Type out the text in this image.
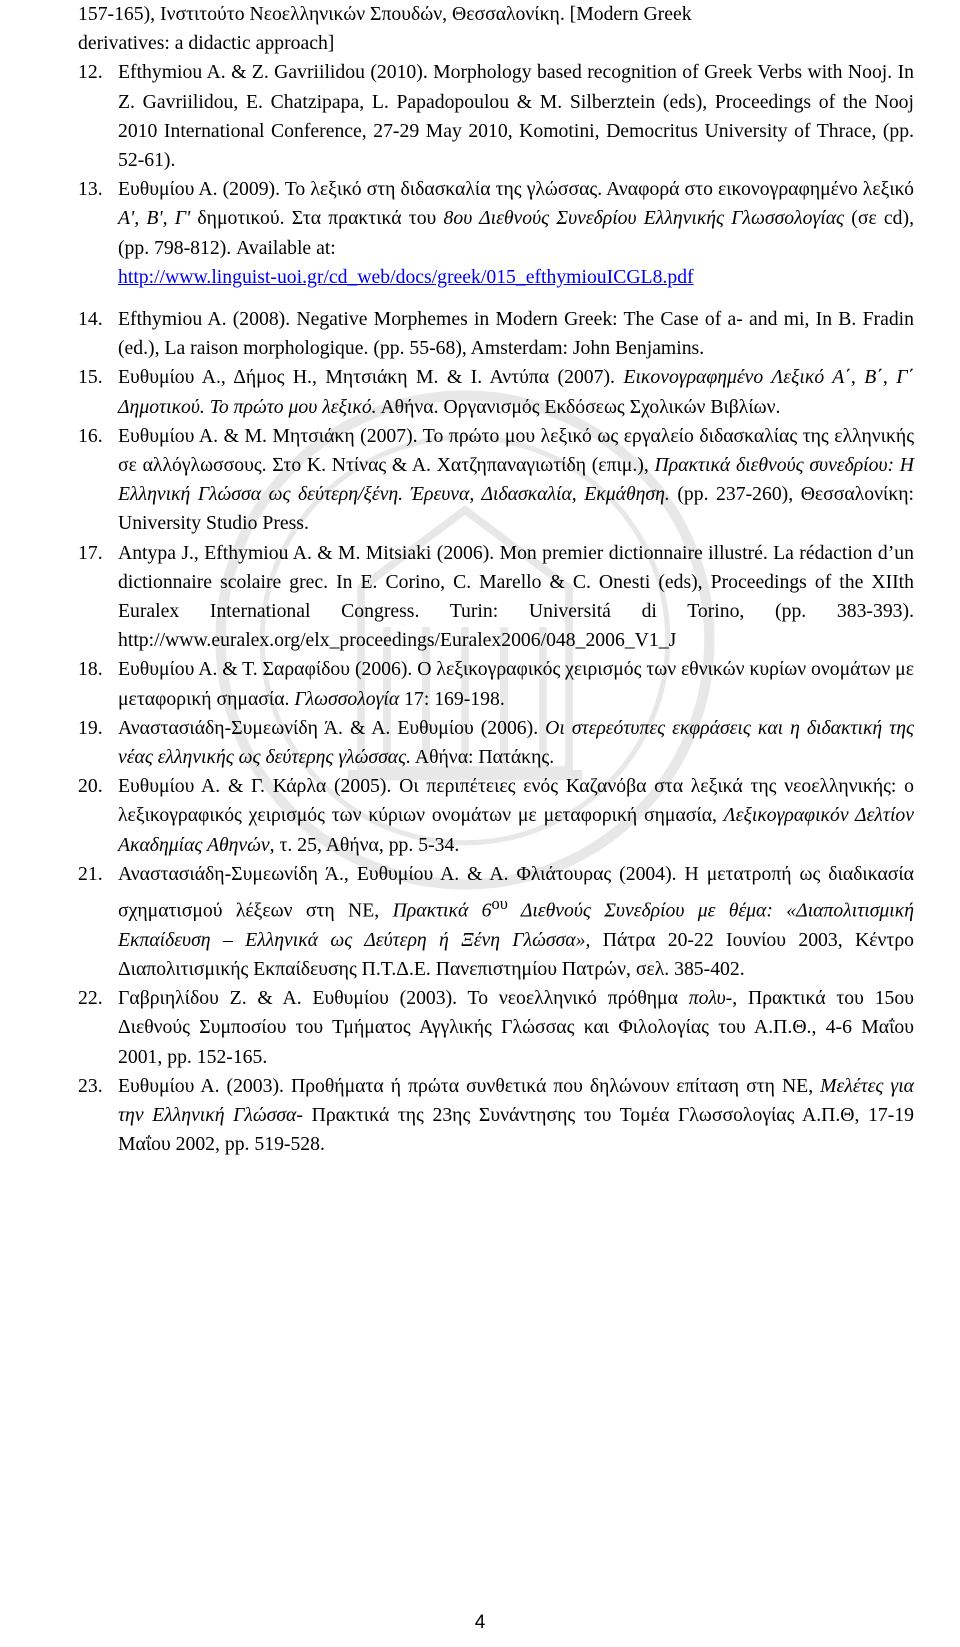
157-165), Ινστιτούτο Νεοελληνικών Σπουδών, Θεσσαλονίκη. [Modern Greek
derivatives: a didactic approach]

12. Efthymiou A. & Z. Gavriilidou (2010). Morphology based recognition of Greek Verbs with Nooj. In Z. Gavriilidou, E. Chatzipapa, L. Papadopoulou & M. Silberztein (eds), Proceedings of the Nooj 2010 International Conference, 27-29 May 2010, Komotini, Democritus University of Thrace, (pp. 52-61).
13. Ευθυμίου Α. (2009). Το λεξικό στη διδασκαλία της γλώσσας. Αναφορά στο εικονογραφημένο λεξικό Α', Β', Γ' δημοτικού. Στα πρακτικά του 8ου Διεθνούς Συνεδρίου Ελληνικής Γλωσσολογίας (σε cd), (pp. 798-812). Available at:
http://www.linguist-uoi.gr/cd_web/docs/greek/015_efthymiouICGL8.pdf
14. Efthymiou A. (2008). Negative Morphemes in Modern Greek: The Case of a- and mi, In B. Fradin (ed.), La raison morphologique. (pp. 55-68), Amsterdam: John Benjamins.
15. Ευθυμίου Α., Δήμος Η., Μητσιάκη Μ. & Ι. Αντύπα (2007). Εικονογραφημένο Λεξικό Α΄, Β΄, Γ΄ Δημοτικού. Το πρώτο μου λεξικό. Αθήνα. Οργανισμός Εκδόσεως Σχολικών Βιβλίων.
16. Ευθυμίου Α. & Μ. Μητσιάκη (2007). Το πρώτο μου λεξικό ως εργαλείο διδασκαλίας της ελληνικής σε αλλόγλωσσους. Στο Κ. Ντίνας & Α. Χατζηπαναγιωτίδη (επιμ.), Πρακτικά διεθνούς συνεδρίου: Η Ελληνική Γλώσσα ως δεύτερη/ξένη. Έρευνα, Διδασκαλία, Εκμάθηση. (pp. 237-260), Θεσσαλονίκη: University Studio Press.
17. Antypa J., Efthymiou A. & M. Mitsiaki (2006). Mon premier dictionnaire illustré. La rédaction d’un dictionnaire scolaire grec. In E. Corino, C. Marello & C. Onesti (eds), Proceedings of the XIIth Euralex International Congress. Turin: Universitá di Torino, (pp. 383-393). http://www.euralex.org/elx_proceedings/Euralex2006/048_2006_V1_J
18. Ευθυμίου Α. & Τ. Σαραφίδου (2006). Ο λεξικογραφικός χειρισμός των εθνικών κυρίων ονομάτων με μεταφορική σημασία. Γλωσσολογία 17: 169-198.
19. Αναστασιάδη-Συμεωνίδη Ά. & Α. Ευθυμίου (2006). Οι στερεότυπες εκφράσεις και η διδακτική της νέας ελληνικής ως δεύτερης γλώσσας. Αθήνα: Πατάκης.
20. Ευθυμίου Α. & Γ. Κάρλα (2005). Οι περιπέτειες ενός Καζανόβα στα λεξικά της νεοελληνικής: ο λεξικογραφικός χειρισμός των κύριων ονομάτων με μεταφορική σημασία, Λεξικογραφικόν Δελτίον Ακαδημίας Αθηνών, τ. 25, Αθήνα, pp. 5-34.
21. Αναστασιάδη-Συμεωνίδη Ά., Ευθυμίου Α. & Α. Φλιάτουρας (2004). Η μετατροπή ως διαδικασία σχηματισμού λέξεων στη ΝΕ, Πρακτικά $6^{o\upsilon}$ Διεθνούς Συνεδρίου με θέμα: «Διαπολιτισμική Εκπαίδευση – Ελληνικά ως Δεύτερη ή Ξένη Γλώσσα», Πάτρα 20-22 Ιουνίου 2003, Κέντρο Διαπολιτισμικής Εκπαίδευσης Π.Τ.Δ.Ε. Πανεπιστημίου Πατρών, σελ. 385-402.
22. Γαβριηλίδου Ζ. & Α. Ευθυμίου (2003). Το νεοελληνικό πρόθημα πολυ-, Πρακτικά του 15ου Διεθνούς Συμποσίου του Τμήματος Αγγλικής Γλώσσας και Φιλολογίας του Α.Π.Θ., 4-6 Μαΐου 2001, pp. 152-165.
23. Ευθυμίου Α. (2003). Προθήματα ή πρώτα συνθετικά που δηλώνουν επίταση στη ΝΕ, Μελέτες για την Ελληνική Γλώσσα- Πρακτικά της 23ης Συνάντησης του Τομέα Γλωσσολογίας Α.Π.Θ, 17-19 Μαΐου 2002, pp. 519-528.
4
